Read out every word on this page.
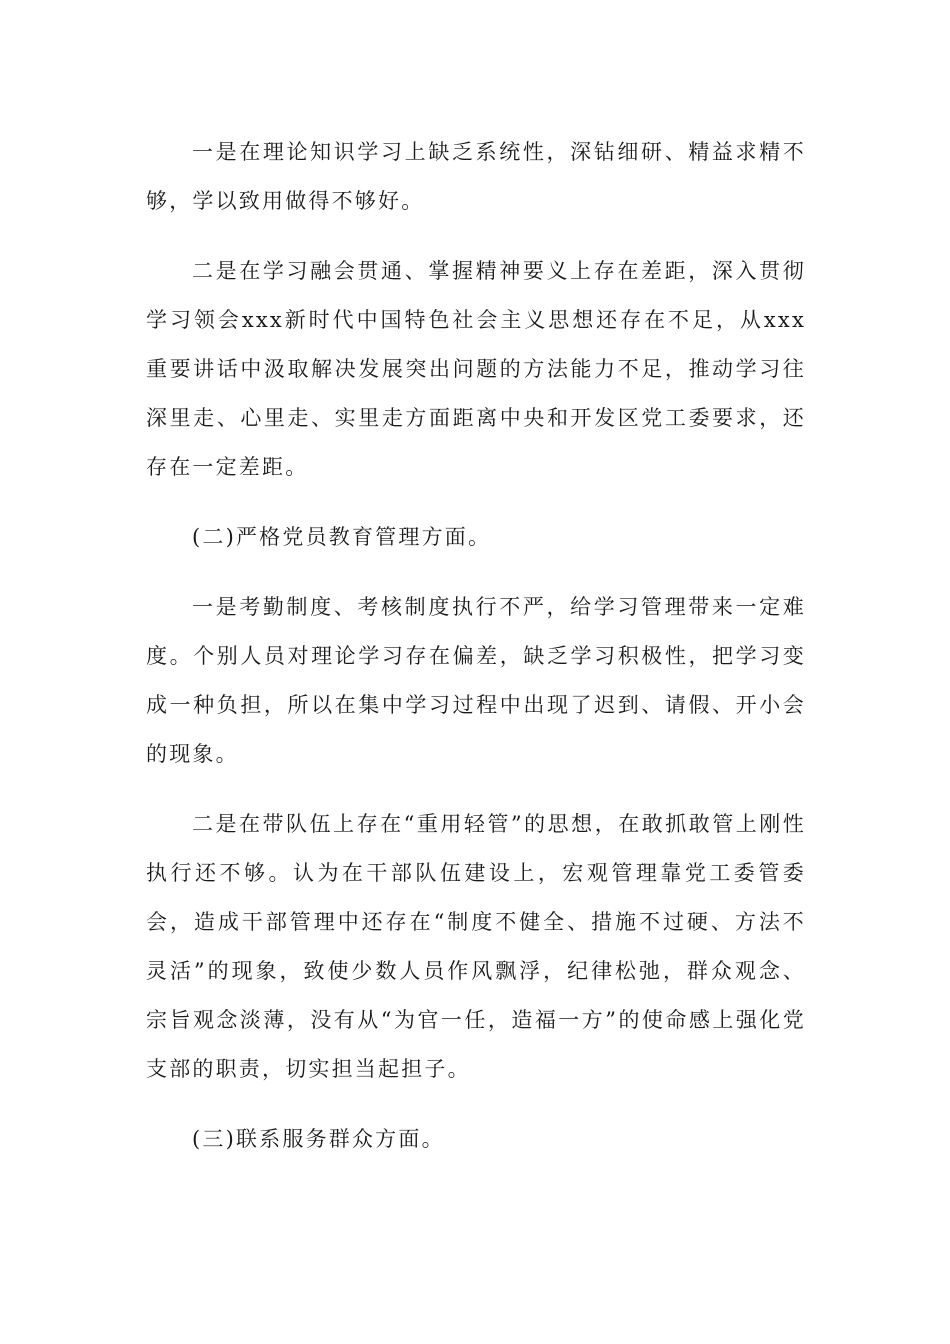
一是在理论知识学习上缺乏系统性，深钻细研、精益求精不够，学以致用做得不够好。

二是在学习融会贯通、掌握精神要义上存在差距，深入贯彻学习领会xxx新时代中国特色社会主义思想还存在不足，从xxx重要讲话中汲取解决发展突出问题的方法能力不足，推动学习往深里走、心里走、实里走方面距离中央和开发区党工委要求，还存在一定差距。

(二)严格党员教育管理方面。

一是考勤制度、考核制度执行不严，给学习管理带来一定难度。个别人员对理论学习存在偏差，缺乏学习积极性，把学习变成一种负担，所以在集中学习过程中出现了迟到、请假、开小会的现象。

二是在带队伍上存在“重用轻管”的思想，在敢抓敢管上刚性执行还不够。认为在干部队伍建设上，宏观管理靠党工委管委会，造成干部管理中还存在“制度不健全、措施不过硬、方法不灵活”的现象，致使少数人员作风飘浮，纪律松弛，群众观念、宗旨观念淡薄，没有从“为官一任，造福一方”的使命感上强化党支部的职责，切实担当起担子。

(三)联系服务群众方面。
